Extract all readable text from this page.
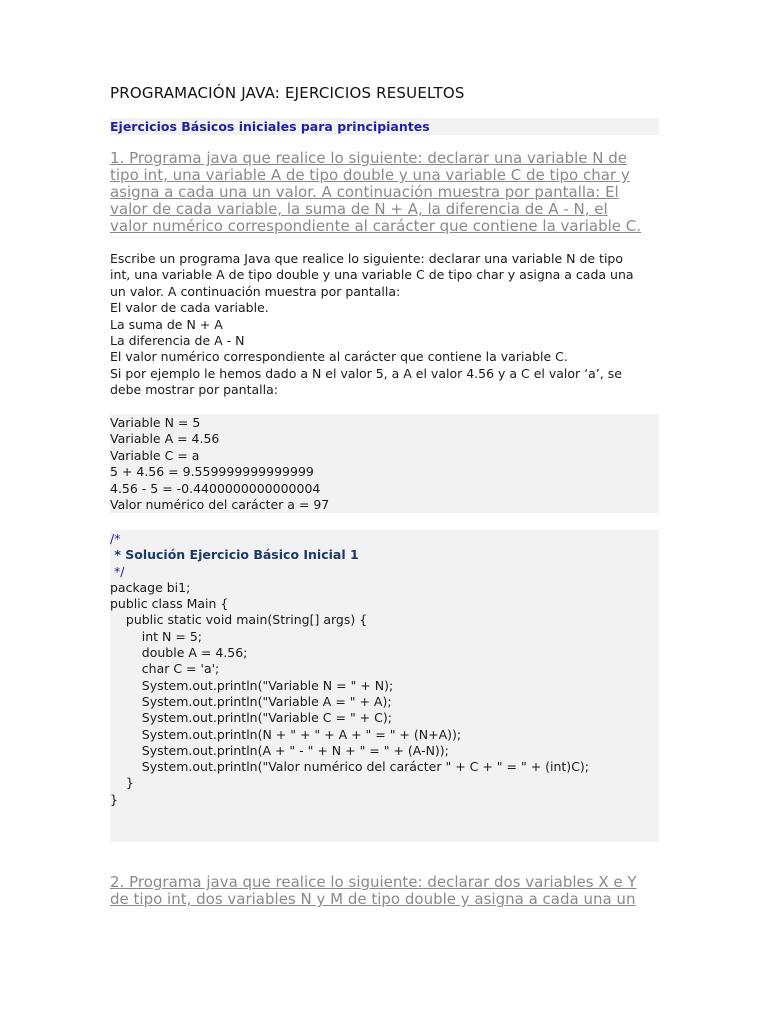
PROGRAMACIÓN JAVA: EJERCICIOS RESUELTOS
Ejercicios Básicos iniciales para principiantes
1. Programa java que realice lo siguiente: declarar una variable N de
tipo int, una variable A de tipo double y una variable C de tipo char y
asigna a cada una un valor. A continuación muestra por pantalla: El
valor de cada variable, la suma de N + A, la diferencia de A - N, el
valor numérico correspondiente al carácter que contiene la variable C.
Escribe un programa Java que realice lo siguiente: declarar una variable N de tipo
int, una variable A de tipo double y una variable C de tipo char y asigna a cada una
un valor. A continuación muestra por pantalla:
El valor de cada variable.
La suma de N + A
La diferencia de A - N
El valor numérico correspondiente al carácter que contiene la variable C.
Si por ejemplo le hemos dado a N el valor 5, a A el valor 4.56 y a C el valor ‘a’, se
debe mostrar por pantalla:
Variable N = 5
Variable A = 4.56
Variable C = a
5 + 4.56 = 9.559999999999999
4.56 - 5 = -0.4400000000000004
Valor numérico del carácter a = 97
/*
* Solución Ejercicio Básico Inicial 1
*/
package bi1;
public class Main {
public static void main(String[] args) {
int N = 5;
double A = 4.56;
char C = 'a';
System.out.println("Variable N = " + N);
System.out.println("Variable A = " + A);
System.out.println("Variable C = " + C);
System.out.println(N + " + " + A + " = " + (N+A));
System.out.println(A + " - " + N + " = " + (A-N));
System.out.println("Valor numérico del carácter " + C + " = " + (int)C);
}
}
2. Programa java que realice lo siguiente: declarar dos variables X e Y
de tipo int, dos variables N y M de tipo double y asigna a cada una un
